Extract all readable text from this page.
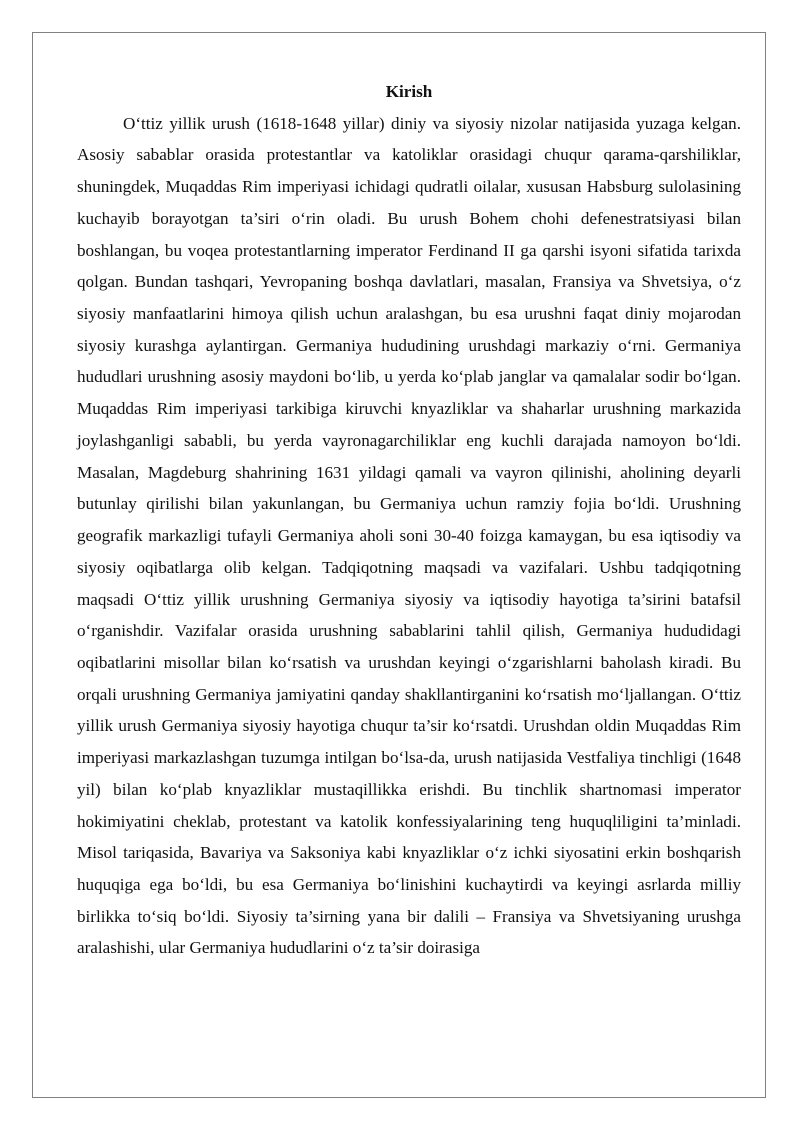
Kirish

O‘ttiz yillik urush (1618-1648 yillar) diniy va siyosiy nizolar natijasida yuzaga kelgan. Asosiy sabablar orasida protestantlar va katoliklar orasidagi chuqur qarama-qarshiliklar, shuningdek, Muqaddas Rim imperiyasi ichidagi qudratli oilalar, xususan Habsburg sulolasining kuchayib borayotgan ta’siri o‘rin oladi. Bu urush Bohem chohi defenestratsiyasi bilan boshlangan, bu voqea protestantlarning imperator Ferdinand II ga qarshi isyoni sifatida tarixda qolgan. Bundan tashqari, Yevropaning boshqa davlatlari, masalan, Fransiya va Shvetsiya, o‘z siyosiy manfaatlarini himoya qilish uchun aralashgan, bu esa urushni faqat diniy mojarodan siyosiy kurashga aylantirgan. Germaniya hududining urushdagi markaziy o‘rni. Germaniya hududlari urushning asosiy maydoni bo‘lib, u yerda ko‘plab janglar va qamalalar sodir bo‘lgan. Muqaddas Rim imperiyasi tarkibiga kiruvchi knyazliklar va shaharlar urushning markazida joylashganligi sababli, bu yerda vayronagarchiliklar eng kuchli darajada namoyon bo‘ldi. Masalan, Magdeburg shahrining 1631 yildagi qamali va vayron qilinishi, aholining deyarli butunlay qirilishi bilan yakunlangan, bu Germaniya uchun ramziy fojia bo‘ldi. Urushning geografik markazligi tufayli Germaniya aholi soni 30-40 foizga kamaygan, bu esa iqtisodiy va siyosiy oqibatlarga olib kelgan. Tadqiqotning maqsadi va vazifalari. Ushbu tadqiqotning maqsadi O‘ttiz yillik urushning Germaniya siyosiy va iqtisodiy hayotiga ta’sirini batafsil o‘rganishdir. Vazifalar orasida urushning sabablarini tahlil qilish, Germaniya hududidagi oqibatlarini misollar bilan ko‘rsatish va urushdan keyingi o‘zgarishlarni baholash kiradi. Bu orqali urushning Germaniya jamiyatini qanday shakllantirganini ko‘rsatish mo‘ljallangan. O‘ttiz yillik urush Germaniya siyosiy hayotiga chuqur ta’sir ko‘rsatdi. Urushdan oldin Muqaddas Rim imperiyasi markazlashgan tuzumga intilgan bo‘lsa-da, urush natijasida Vestfaliya tinchligi (1648 yil) bilan ko‘plab knyazliklar mustaqillikka erishdi. Bu tinchlik shartnomasi imperator hokimiyatini cheklab, protestant va katolik konfessiyalarining teng huquqliligini ta’minladi. Misol tariqasida, Bavariya va Saksoniya kabi knyazliklar o‘z ichki siyosatini erkin boshqarish huquqiga ega bo‘ldi, bu esa Germaniya bo‘linishini kuchaytirdi va keyingi asrlarda milliy birlikka to‘siq bo‘ldi. Siyosiy ta’sirning yana bir dalili – Fransiya va Shvetsiyaning urushga aralashishi, ular Germaniya hududlarini o‘z ta’sir doirasiga
